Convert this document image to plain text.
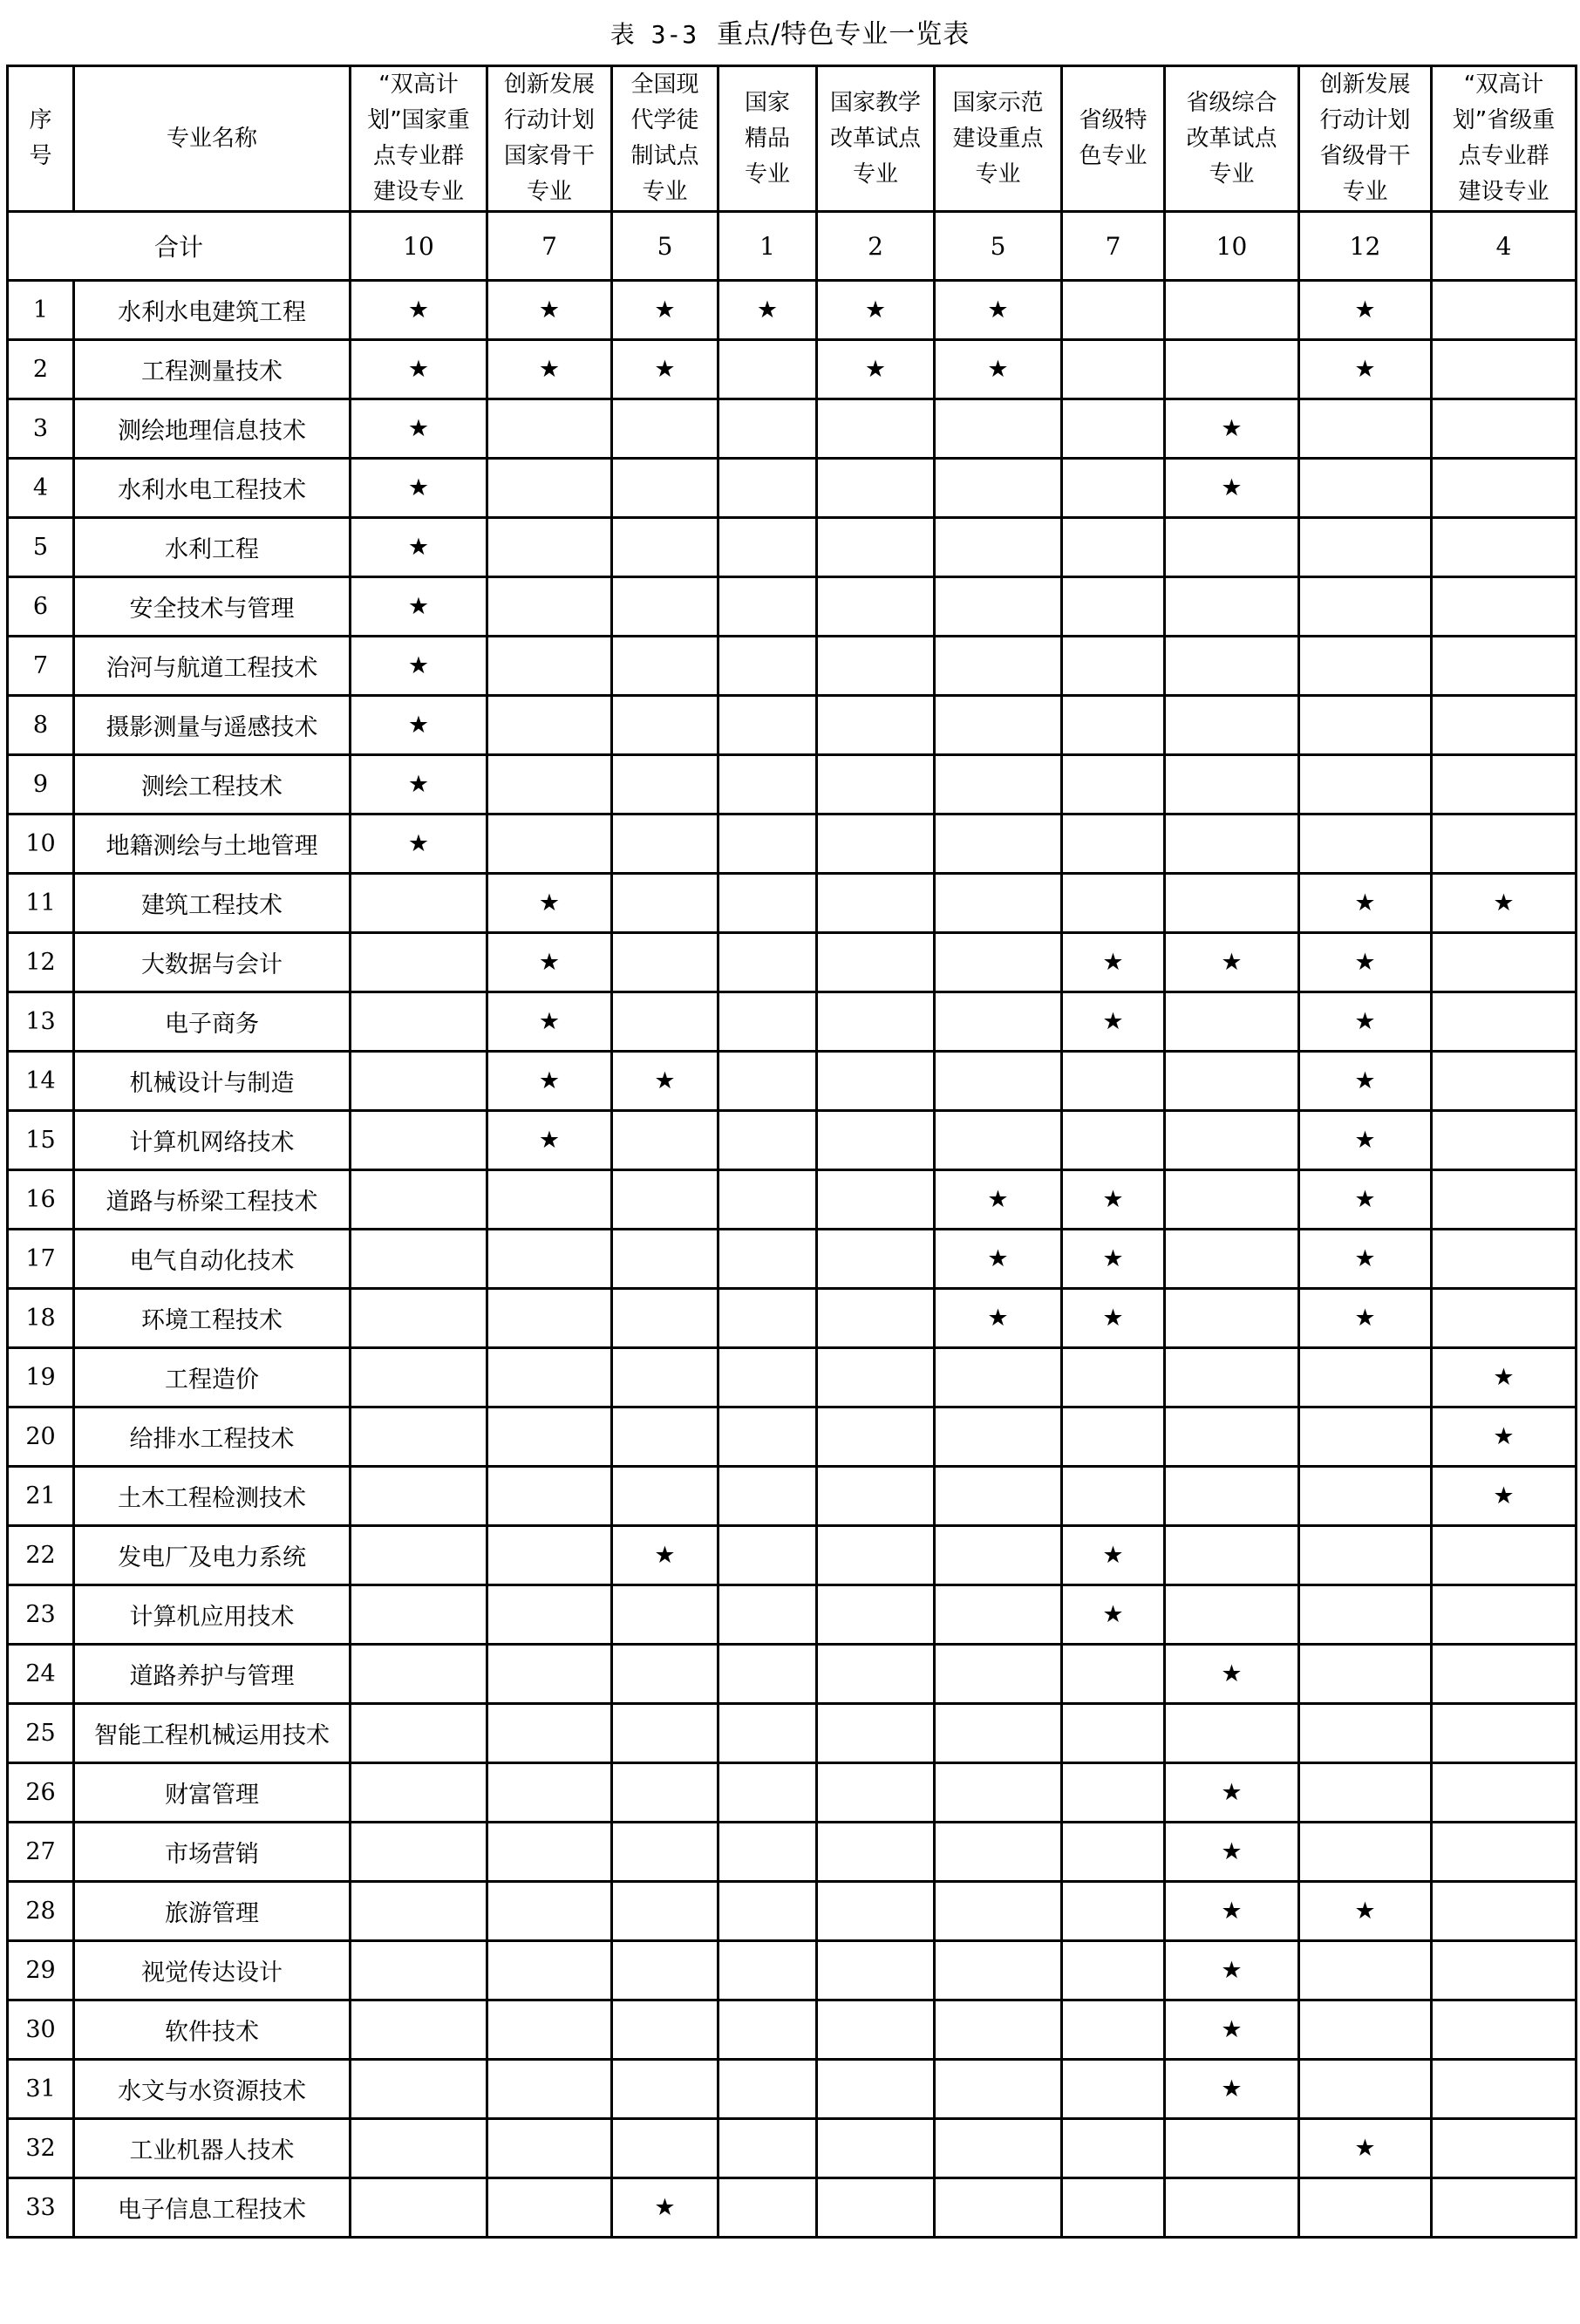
表 3-3 重点/特色专业一览表
序
号	专业名称	“双高计
划”国家重
点专业群
建设专业	创新发展
行动计划
国家骨干
专业	全国现
代学徒
制试点
专业	国家
精品
专业	国家教学
改革试点
专业	国家示范
建设重点
专业	省级特
色专业	省级综合
改革试点
专业	创新发展
行动计划
省级骨干
专业	“双高计
划”省级重
点专业群
建设专业

合计		10	7	5	1	2	5	7	10	12	4
1	水利水电建筑工程	★	★	★	★	★	★			★	
2	工程测量技术	★	★	★		★	★			★	
3	测绘地理信息技术	★							★		
4	水利水电工程技术	★							★		
5	水利工程	★									
6	安全技术与管理	★									
7	治河与航道工程技术	★									
8	摄影测量与遥感技术	★									
9	测绘工程技术	★									
10	地籍测绘与土地管理	★									
11	建筑工程技术		★							★	★
12	大数据与会计		★					★	★	★	
13	电子商务		★					★		★	
14	机械设计与制造		★	★						★	
15	计算机网络技术		★							★	
16	道路与桥梁工程技术						★	★		★	
17	电气自动化技术						★	★		★	
18	环境工程技术						★	★		★	
19	工程造价										★
20	给排水工程技术										★
21	土木工程检测技术										★
22	发电厂及电力系统			★				★			
23	计算机应用技术							★			
24	道路养护与管理								★		
25	智能工程机械运用技术										
26	财富管理								★		
27	市场营销								★		
28	旅游管理								★	★	
29	视觉传达设计								★		
30	软件技术								★		
31	水文与水资源技术								★		
32	工业机器人技术									★	
33	电子信息工程技术			★							
